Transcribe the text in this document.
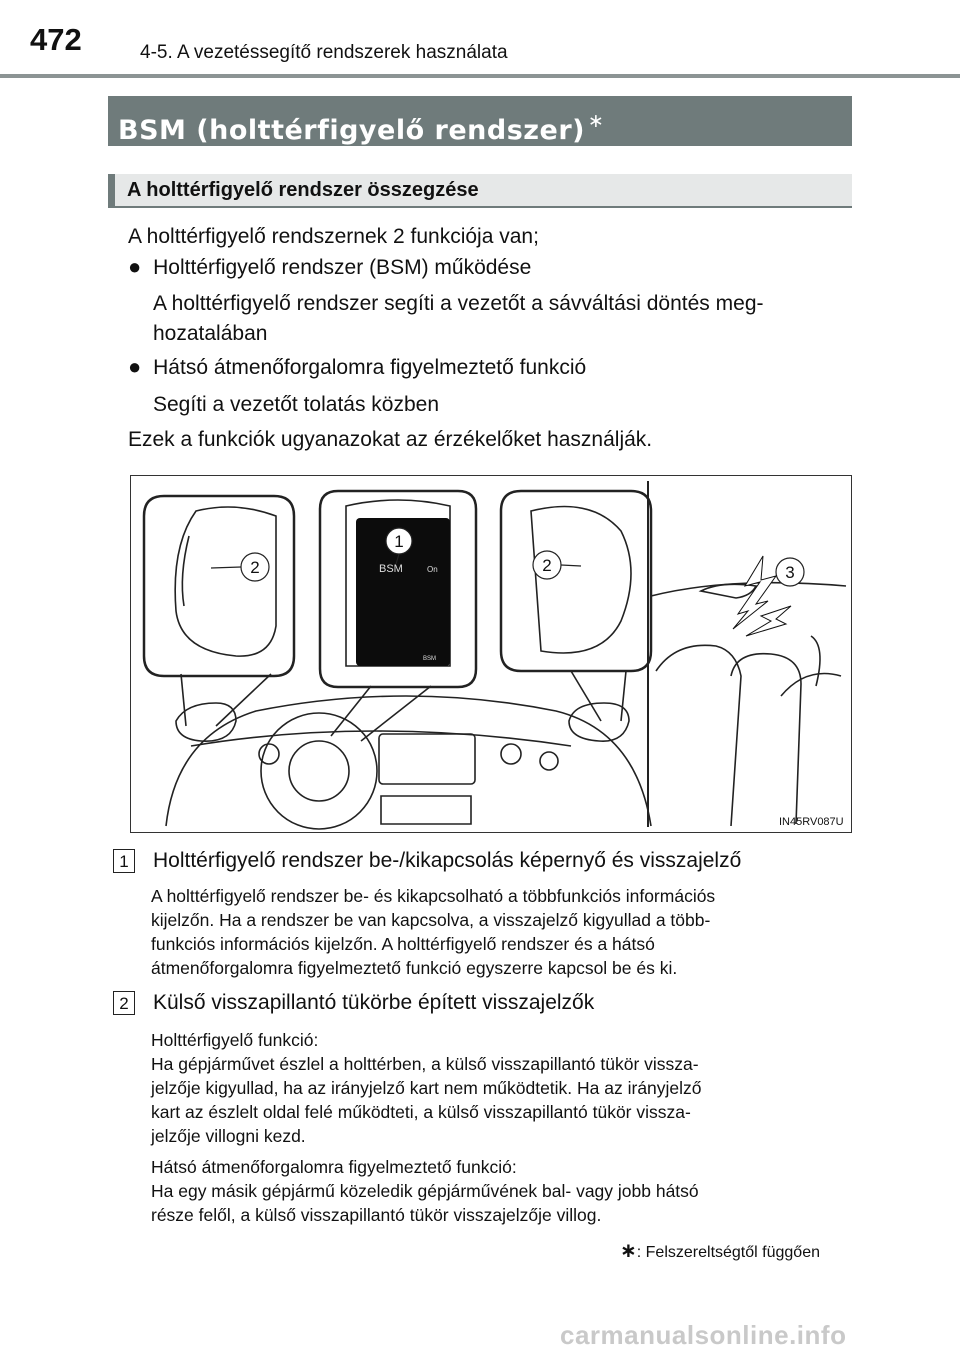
472	4-5. A vezetéssegítő rendszerek használata
BSM (holttérfigyelő rendszer) ∗
A holttérfigyelő rendszer összegzése
A holttérfigyelő rendszernek 2 funkciója van;
● Holttérfigyelő rendszer (BSM) működése
A holttérfigyelő rendszer segíti a vezetőt a sávváltási döntés meg-
hozatalában
● Hátsó átmenőforgalomra figyelmeztető funkció
Segíti a vezetőt tolatás közben
Ezek a funkciók ugyanazokat az érzékelőket használják.
1
2	2	3
BSM	On
BSM
IN45RV087U
1 Holttérfigyelő rendszer be-/kikapcsolás képernyő és visszajelző
A holttérfigyelő rendszer be- és kikapcsolható a többfunkciós információs
kijelzőn. Ha a rendszer be van kapcsolva, a visszajelző kigyullad a több-
funkciós információs kijelzőn. A holttérfigyelő rendszer és a hátsó
átmenőforgalomra figyelmeztető funkció egyszerre kapcsol be és ki.
2 Külső visszapillantó tükörbe épített visszajelzők
Holttérfigyelő funkció:
Ha gépjárművet észlel a holttérben, a külső visszapillantó tükör vissza-
jelzője kigyullad, ha az irányjelző kart nem működtetik. Ha az irányjelző
kart az észlelt oldal felé működteti, a külső visszapillantó tükör vissza-
jelzője villogni kezd.
Hátsó átmenőforgalomra figyelmeztető funkció:
Ha egy másik gépjármű közeledik gépjárművének bal- vagy jobb hátsó
része felől, a külső visszapillantó tükör visszajelzője villog.
∗: Felszereltségtől függően
carmanualsonline.info
